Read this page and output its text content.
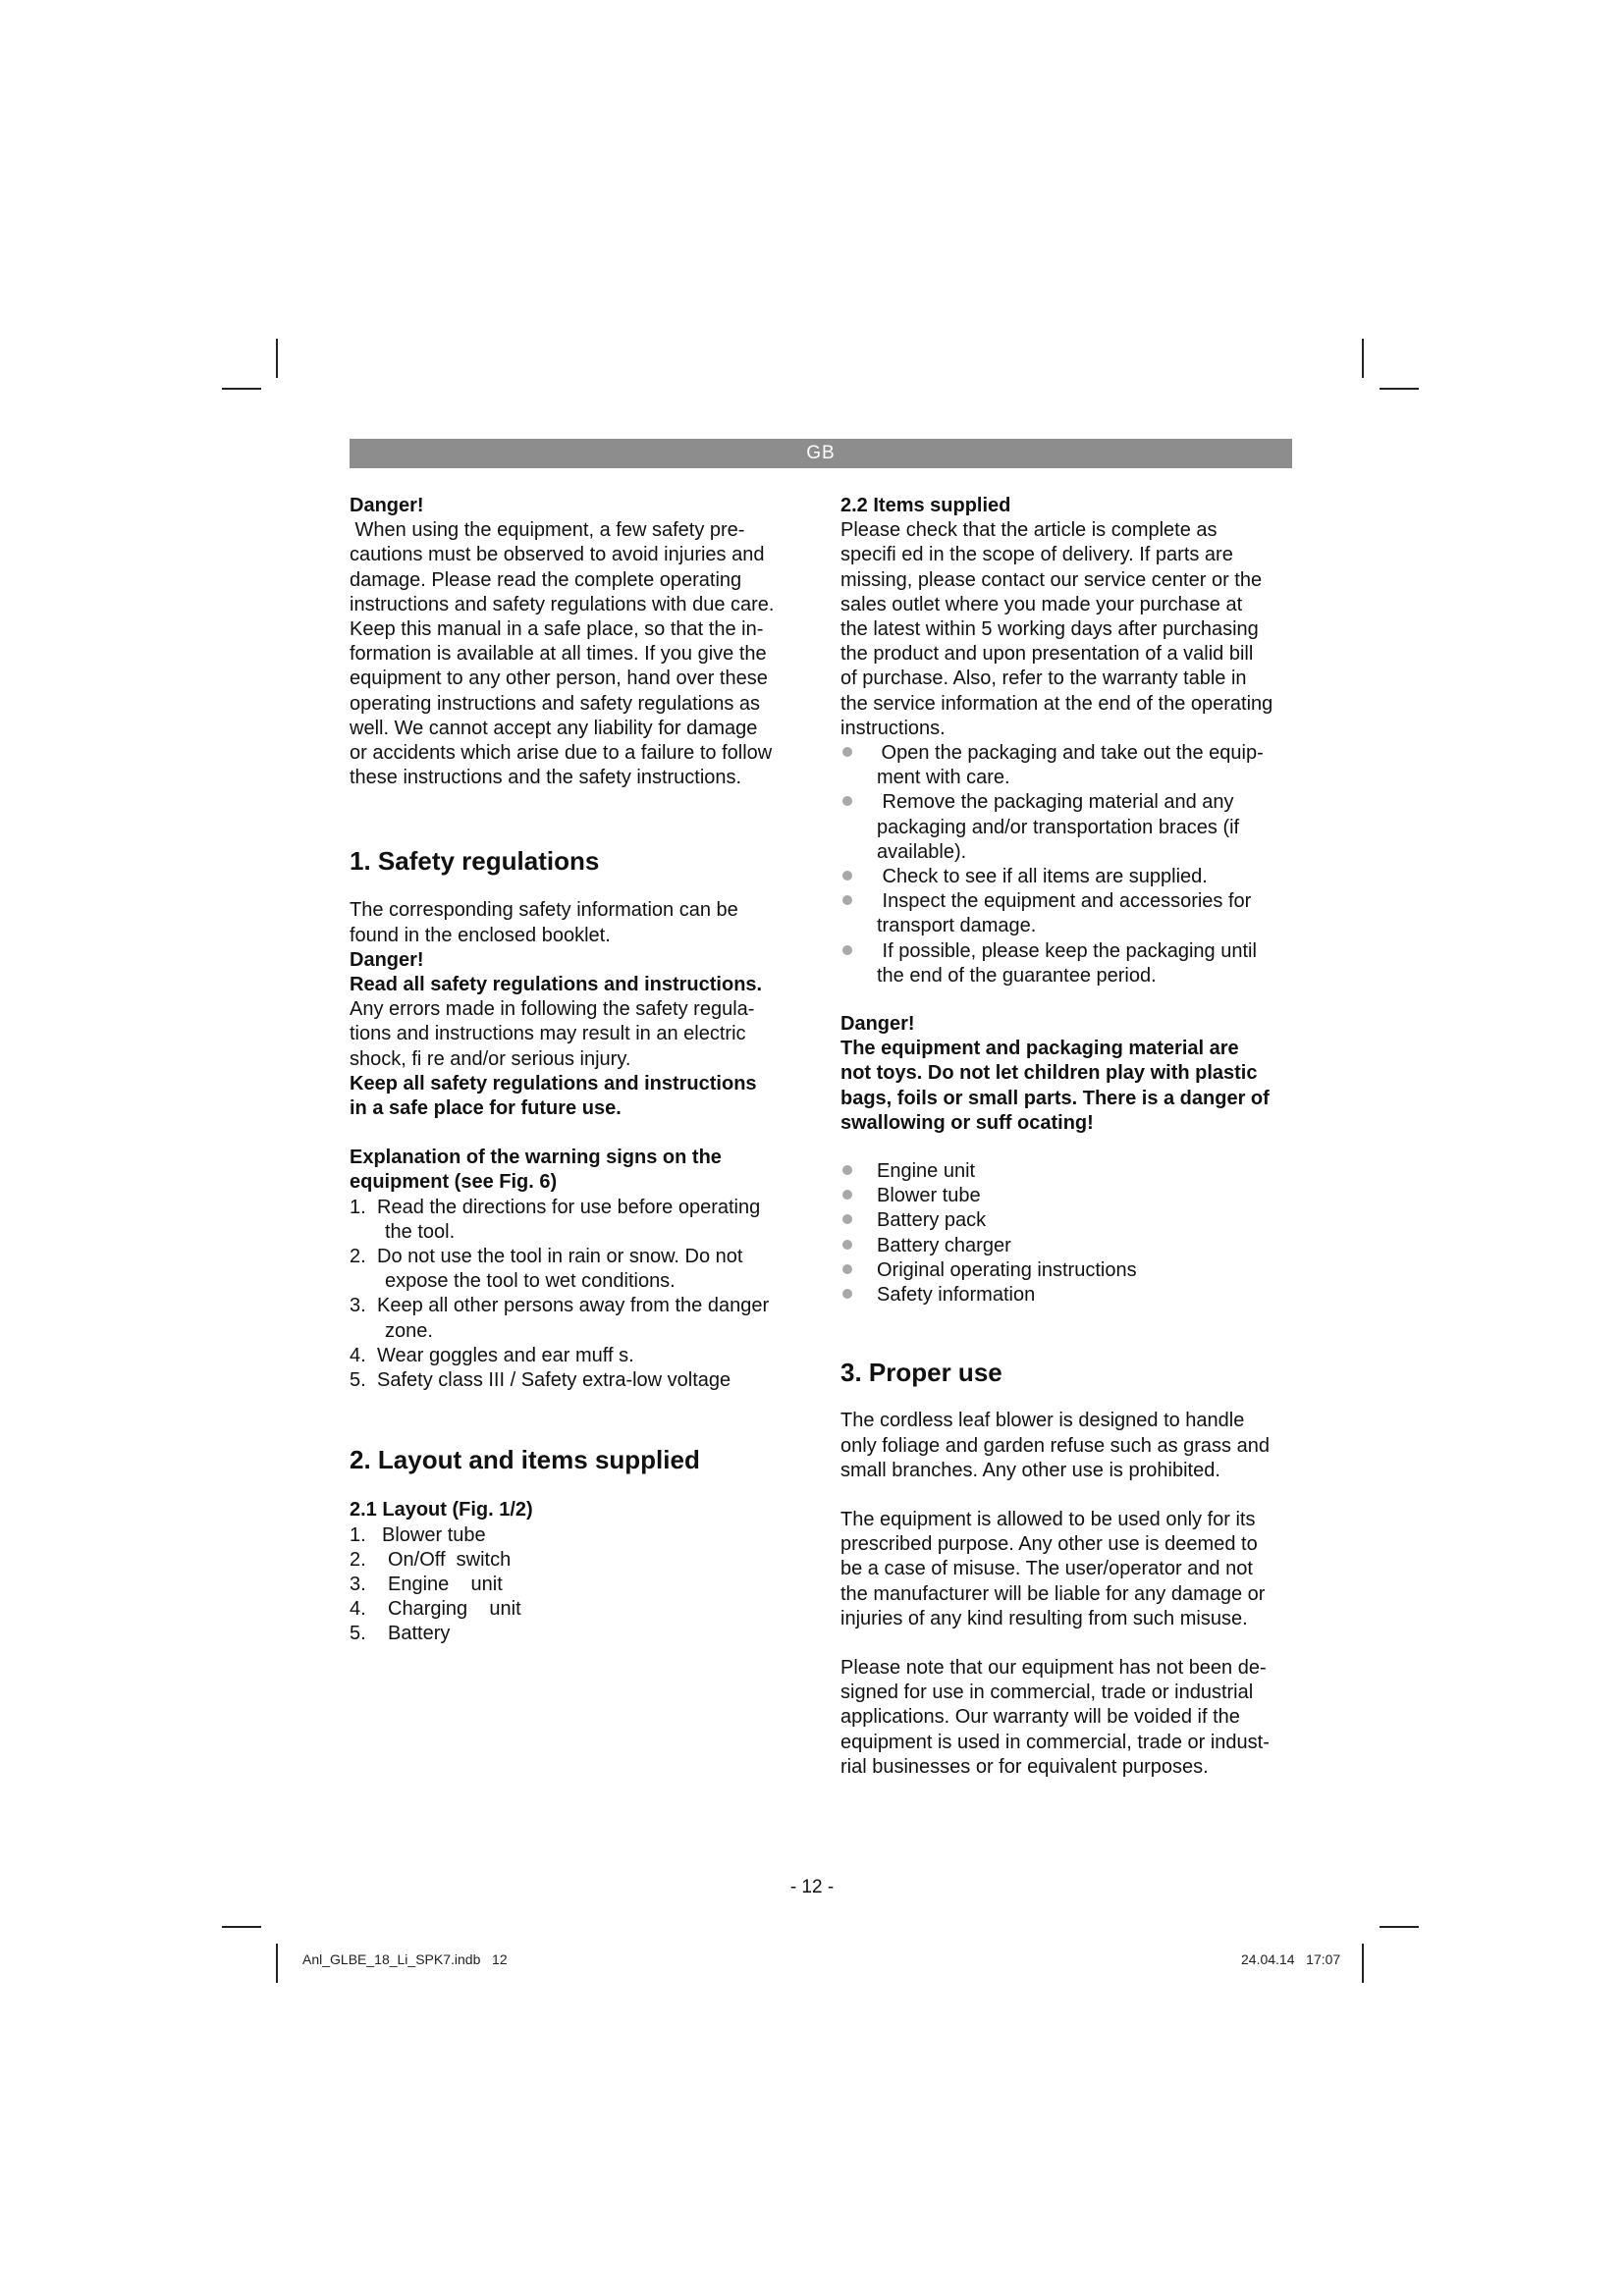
GB

Danger!

When using the equipment, a few safety pre-
cautions must be observed to avoid injuries and
damage. Please read the complete operating
instructions and safety regulations with due care.
Keep this manual in a safe place, so that the in-
formation is available at all times. If you give the
equipment to any other person, hand over these
operating instructions and safety regulations as
well. We cannot accept any liability for damage
or accidents which arise due to a failure to follow
these instructions and the safety instructions.
1. Safety regulations
The corresponding safety information can be
found in the enclosed booklet.

Danger!

Read all safety regulations and instructions.

Any errors made in following the safety regula-
tions and instructions may result in an electric
shock, fi re and/or serious injury.
Keep all safety regulations and instructions
in a safe place for future use.
Explanation of the warning signs on the
equipment (see Fig. 6)
1. Read the directions for use before operating
the tool.
2. Do not use the tool in rain or snow. Do not
expose the tool to wet conditions.
3. Keep all other persons away from the danger
zone.
4. Wear goggles and ear muff s.
5. Safety class III / Safety extra-low voltage
2. Layout and items supplied

2.1 Layout (Fig. 1/2)

1. Blower tube
2. On/Off  switch
3. Engine    unit
4. Charging    unit
5. Battery

2.2 Items supplied

Please check that the article is complete as
specifi ed in the scope of delivery. If parts are
missing, please contact our service center or the
sales outlet where you made your purchase at
the latest within 5 working days after purchasing
the product and upon presentation of a valid bill
of purchase. Also, refer to the warranty table in
the service information at the end of the operating
instructions.
Open the packaging and take out the equip-
ment with care.
Remove the packaging material and any
packaging and/or transportation braces (if
available).
Check to see if all items are supplied.
Inspect the equipment and accessories for
transport damage.
If possible, please keep the packaging until
the end of the guarantee period.

Danger!

The equipment and packaging material are
not toys. Do not let children play with plastic
bags, foils or small parts. There is a danger of
swallowing or suff ocating!
Engine unit
Blower tube
Battery pack
Battery charger
Original operating instructions
Safety information
3. Proper use
The cordless leaf blower is designed to handle
only foliage and garden refuse such as grass and
small branches. Any other use is prohibited.
The equipment is allowed to be used only for its
prescribed purpose. Any other use is deemed to
be a case of misuse. The user/operator and not
the manufacturer will be liable for any damage or
injuries of any kind resulting from such misuse.
Please note that our equipment has not been de-
signed for use in commercial, trade or industrial
applications. Our warranty will be voided if the
equipment is used in commercial, trade or indust-
rial businesses or for equivalent purposes.
- 12 -
Anl_GLBE_18_Li_SPK7.indb   12	24.04.14   17:07
